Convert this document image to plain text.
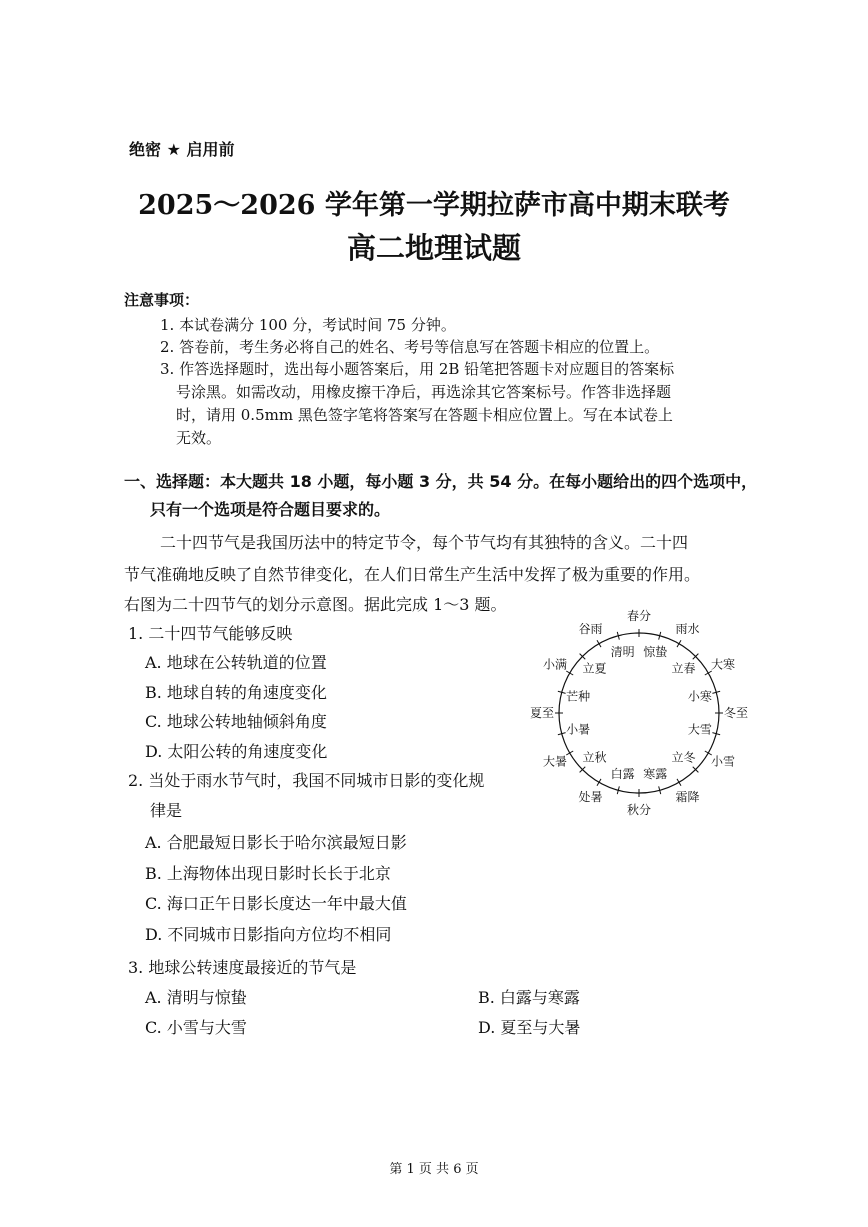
绝密 ★ 启用前
2025～2026 学年第一学期拉萨市高中期末联考
高二地理试题
注意事项：
1. 本试卷满分 100 分，考试时间 75 分钟。
2. 答卷前，考生务必将自己的姓名、考号等信息写在答题卡相应的位置上。
3. 作答选择题时，选出每小题答案后，用 2B 铅笔把答题卡对应题目的答案标
号涂黑。如需改动，用橡皮擦干净后，再选涂其它答案标号。作答非选择题
时，请用 0.5mm 黑色签字笔将答案写在答题卡相应位置上。写在本试卷上
无效。
一、选择题：本大题共 18 小题，每小题 3 分，共 54 分。在每小题给出的四个选项中，
只有一个选项是符合题目要求的。
二十四节气是我国历法中的特定节令，每个节气均有其独特的含义。二十四
节气准确地反映了自然节律变化，在人们日常生产生活中发挥了极为重要的作用。
右图为二十四节气的划分示意图。据此完成 1～3 题。
1. 二十四节气能够反映
A. 地球在公转轨道的位置
B. 地球自转的角速度变化
C. 地球公转地轴倾斜角度
D. 太阳公转的角速度变化
2. 当处于雨水节气时，我国不同城市日影的变化规
律是
A. 合肥最短日影长于哈尔滨最短日影
B. 上海物体出现日影时长长于北京
C. 海口正午日影长度达一年中最大值
D. 不同城市日影指向方位均不相同
3. 地球公转速度最接近的节气是
A. 清明与惊蛰	B. 白露与寒露
C. 小雪与大雪	D. 夏至与大暑
春分
雨水
大寒
冬至
小雪
霜降
秋分
处暑
大暑
夏至
小满
谷雨
惊蛰
立春
小寒
大雪
立冬
寒露
白露
立秋
小暑
芒种
立夏
清明
第 1 页 共 6 页
